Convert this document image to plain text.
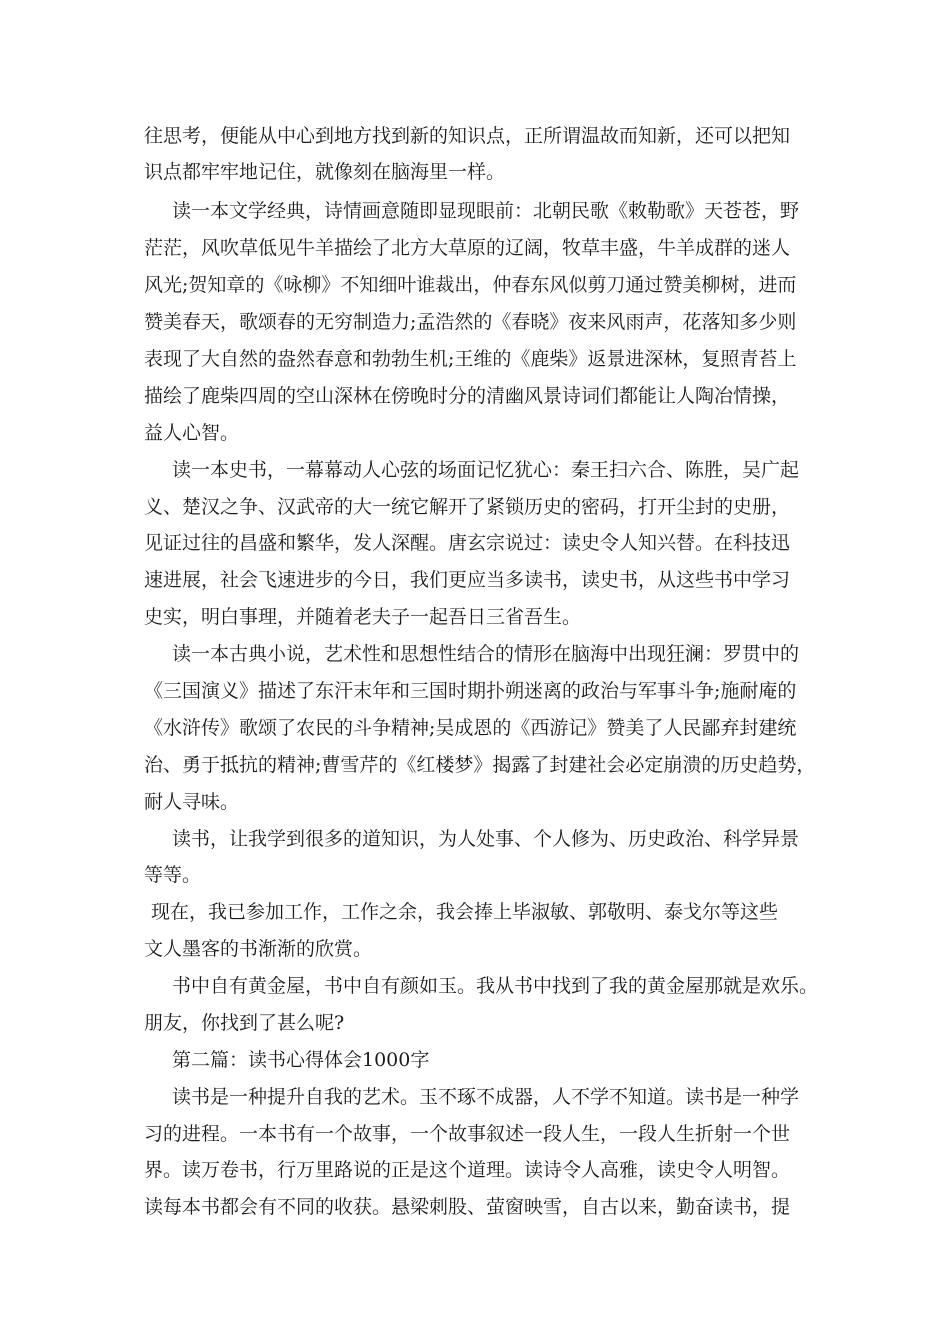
往思考，便能从中心到地方找到新的知识点，正所谓温故而知新，还可以把知

识点都牢牢地记住，就像刻在脑海里一样。

读一本文学经典，诗情画意随即显现眼前：北朝民歌《敕勒歌》天苍苍，野

茫茫，风吹草低见牛羊描绘了北方大草原的辽阔，牧草丰盛，牛羊成群的迷人

风光;贺知章的《咏柳》不知细叶谁裁出，仲春东风似剪刀通过赞美柳树，进而

赞美春天，歌颂春的无穷制造力;孟浩然的《春晓》夜来风雨声，花落知多少则

表现了大自然的盎然春意和勃勃生机;王维的《鹿柴》返景进深林，复照青苔上

描绘了鹿柴四周的空山深林在傍晚时分的清幽风景诗词们都能让人陶冶情操，

益人心智。

读一本史书，一幕幕动人心弦的场面记忆犹心：秦王扫六合、陈胜，吴广起

义、楚汉之争、汉武帝的大一统它解开了紧锁历史的密码，打开尘封的史册，

见证过往的昌盛和繁华，发人深醒。唐玄宗说过：读史令人知兴替。在科技迅

速进展，社会飞速进步的今日，我们更应当多读书，读史书，从这些书中学习

史实，明白事理，并随着老夫子一起吾日三省吾生。

读一本古典小说，艺术性和思想性结合的情形在脑海中出现狂澜：罗贯中的

《三国演义》描述了东汗末年和三国时期扑朔迷离的政治与军事斗争;施耐庵的

《水浒传》歌颂了农民的斗争精神;吴成恩的《西游记》赞美了人民鄙弃封建统

治、勇于抵抗的精神;曹雪芹的《红楼梦》揭露了封建社会必定崩溃的历史趋势，

耐人寻味。

读书，让我学到很多的道知识，为人处事、个人修为、历史政治、科学异景

等等。

现在，我已参加工作，工作之余，我会捧上毕淑敏、郭敬明、泰戈尔等这些

文人墨客的书渐渐的欣赏。

书中自有黄金屋，书中自有颜如玉。我从书中找到了我的黄金屋那就是欢乐。

朋友，你找到了甚么呢?

第二篇：读书心得体会1000字

读书是一种提升自我的艺术。玉不琢不成器，人不学不知道。读书是一种学

习的进程。一本书有一个故事，一个故事叙述一段人生，一段人生折射一个世

界。读万卷书，行万里路说的正是这个道理。读诗令人高雅，读史令人明智。

读每本书都会有不同的收获。悬梁刺股、萤窗映雪，自古以来，勤奋读书，提
